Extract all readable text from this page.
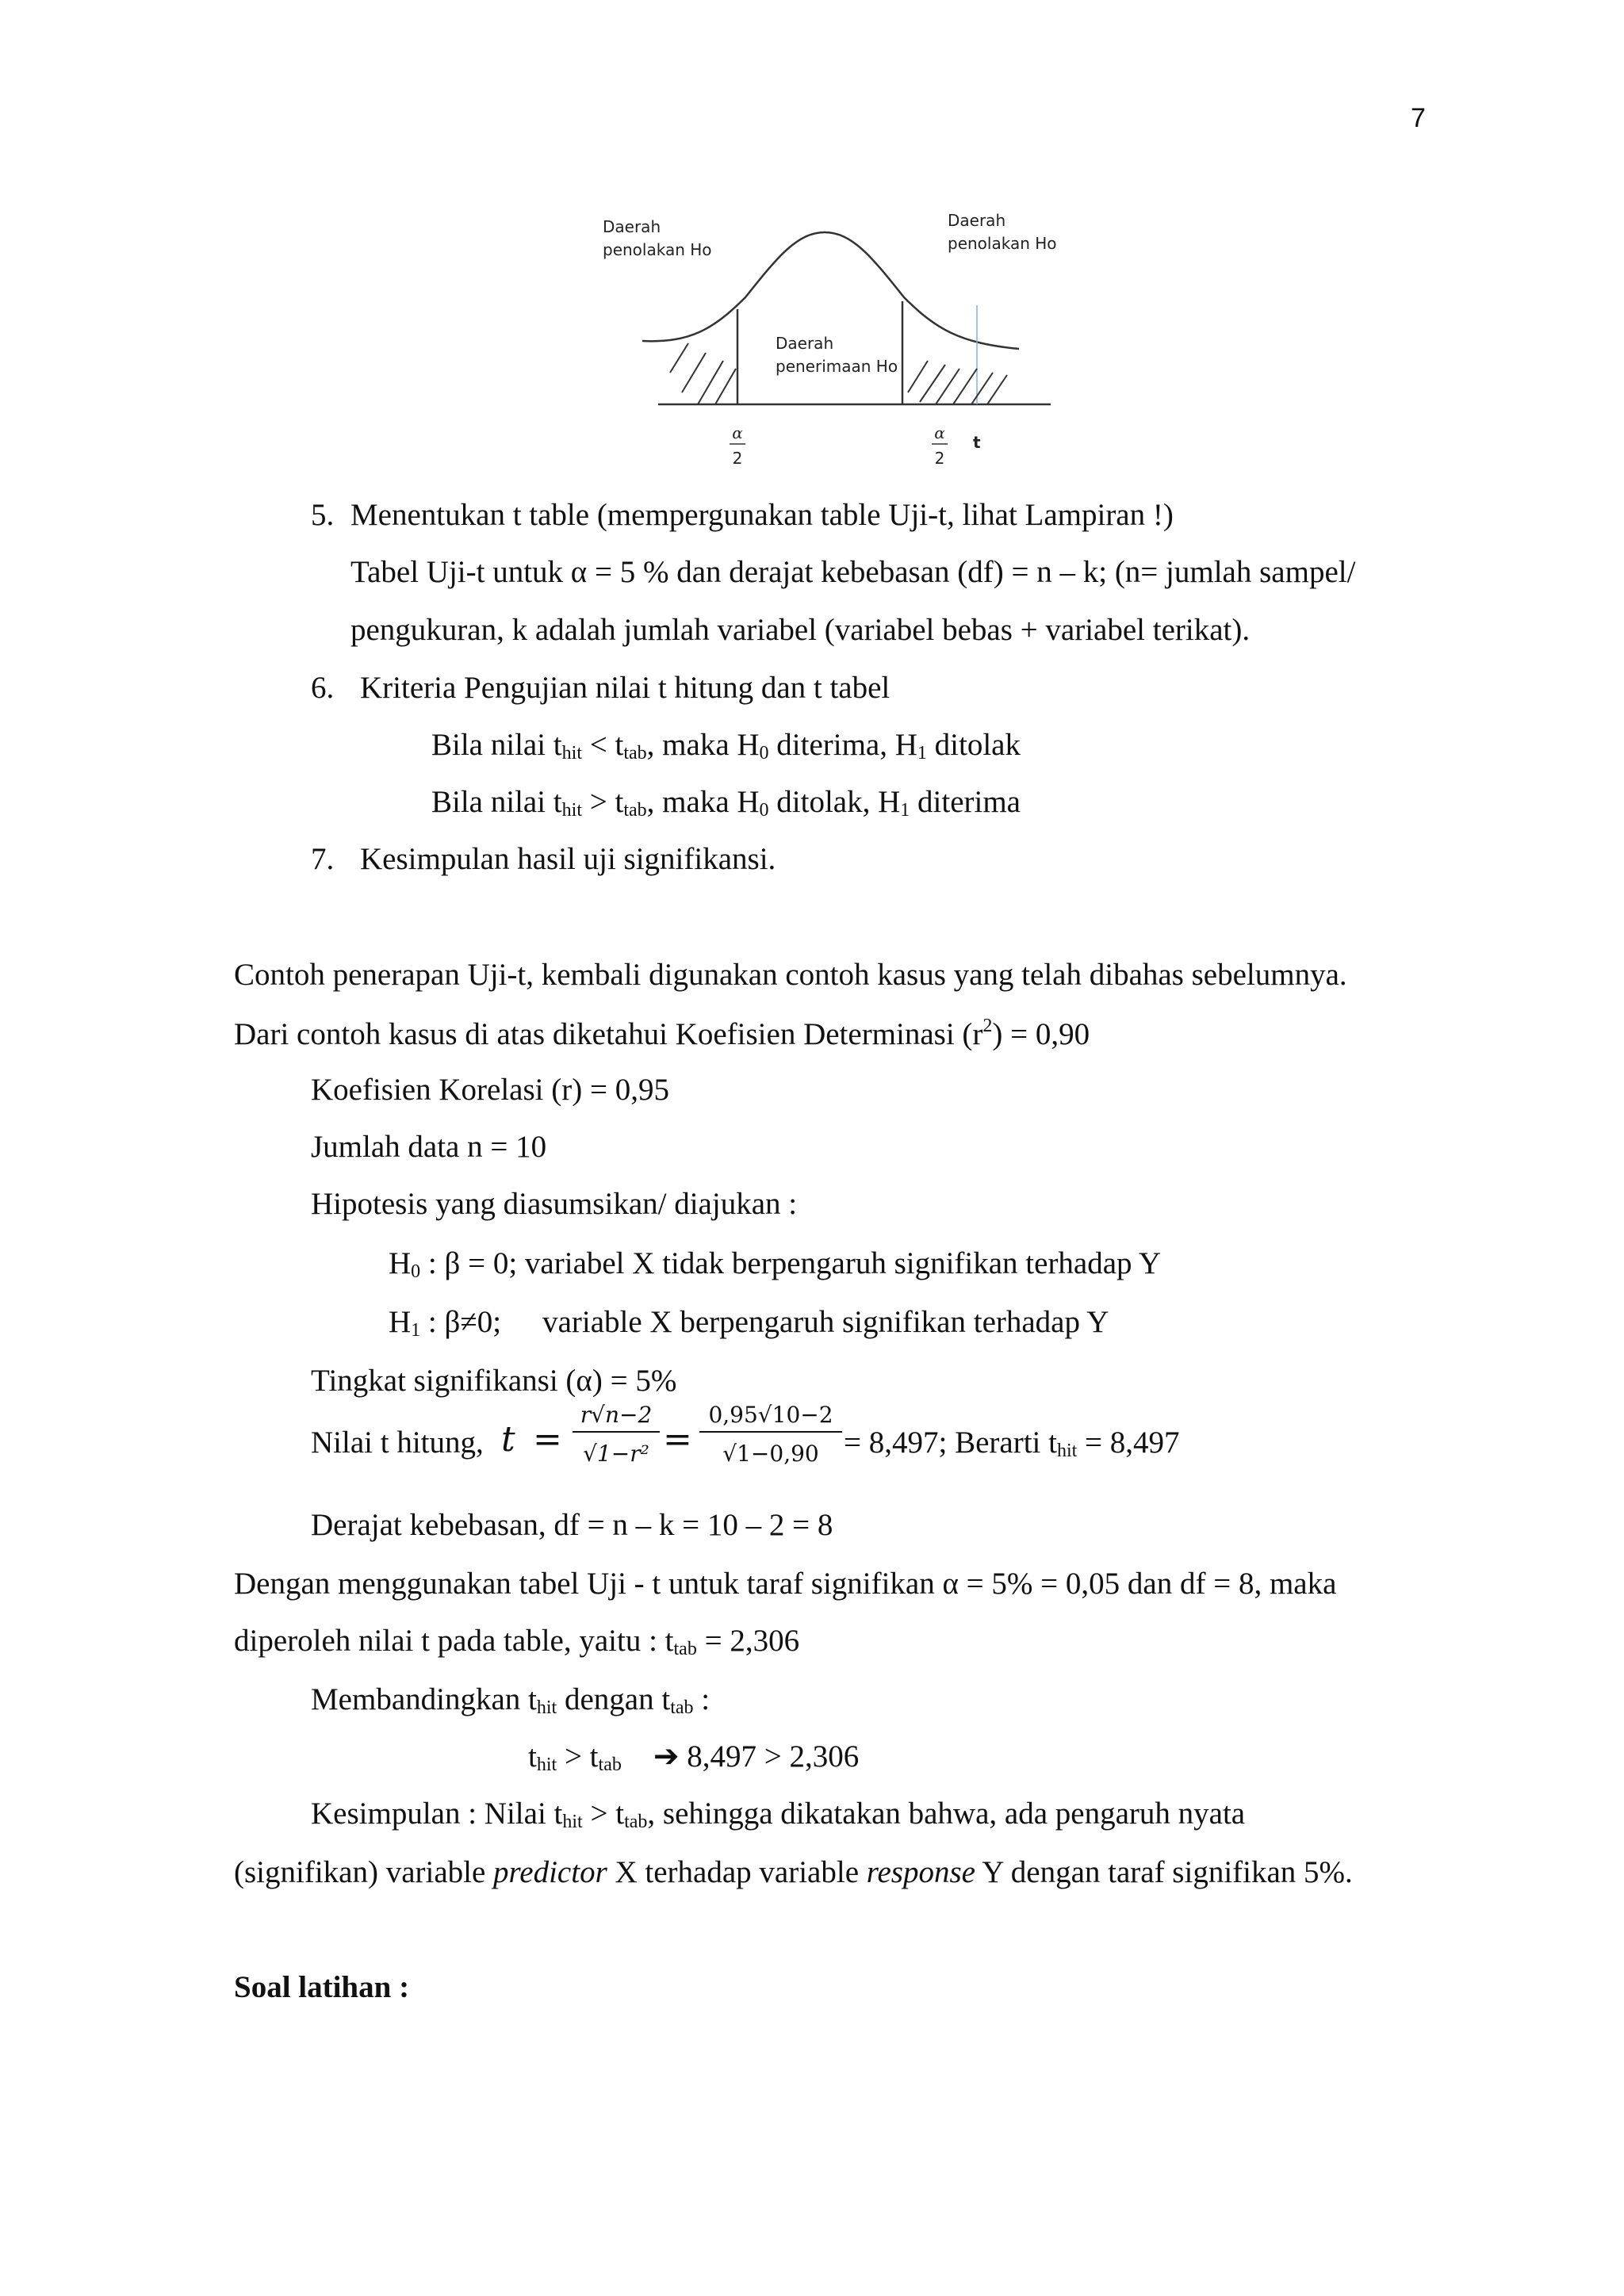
7
Daerah
penolakan Ho
Daerah
penolakan Ho
Daerah
penerimaan Ho
α
2
α
2
t
5. Menentukan t table (mempergunakan table Uji-t, lihat Lampiran !)
Tabel Uji-t untuk α = 5 % dan derajat kebebasan (df) = n – k; (n= jumlah sampel/
pengukuran, k adalah jumlah variabel (variabel bebas + variabel terikat).
6. Kriteria Pengujian nilai t hitung dan t tabel
Bila nilai $t_{hit} < t_{tab}$, maka $H_0$ diterima, $H_1$ ditolak
Bila nilai $t_{hit} > t_{tab}$, maka $H_0$ ditolak, $H_1$ diterima
7. Kesimpulan hasil uji signifikansi.
Contoh penerapan Uji-t, kembali digunakan contoh kasus yang telah dibahas sebelumnya.
Dari contoh kasus di atas diketahui Koefisien Determinasi $(r^2) = 0,90$
Koefisien Korelasi (r) = 0,95
Jumlah data n = 10
Hipotesis yang diasumsikan/ diajukan :
$H_0$ : β = 0; variabel X tidak berpengaruh signifikan terhadap Y
$H_1$ : β≠0; variable X berpengaruh signifikan terhadap Y
Tingkat signifikansi (α) = 5%
Nilai t hitung, $t = \frac{r√n-2}{\text{√1−r²}} = \frac{0,95√10-2}{√1-0,90} = 8,497$; Berarti $t_{hit} = 8,497$
Derajat kebebasan, df = n – k = 10 – 2 = 8
Dengan menggunakan tabel Uji - t untuk taraf signifikan α = 5% = 0,05 dan df = 8, maka
diperoleh nilai t pada table, yaitu : $t_{tab} = 2,306$
Membandingkan $t_{hit}$ dengan $t_{tab}$ :
$t_{hit} > t_{tab}$ ➔ 8,497 > 2,306
Kesimpulan : Nilai $t_{hit} > t_{tab}$, sehingga dikatakan bahwa, ada pengaruh nyata
(signifikan) variable predictor X terhadap variable response Y dengan taraf signifikan 5%.
Soal latihan :
